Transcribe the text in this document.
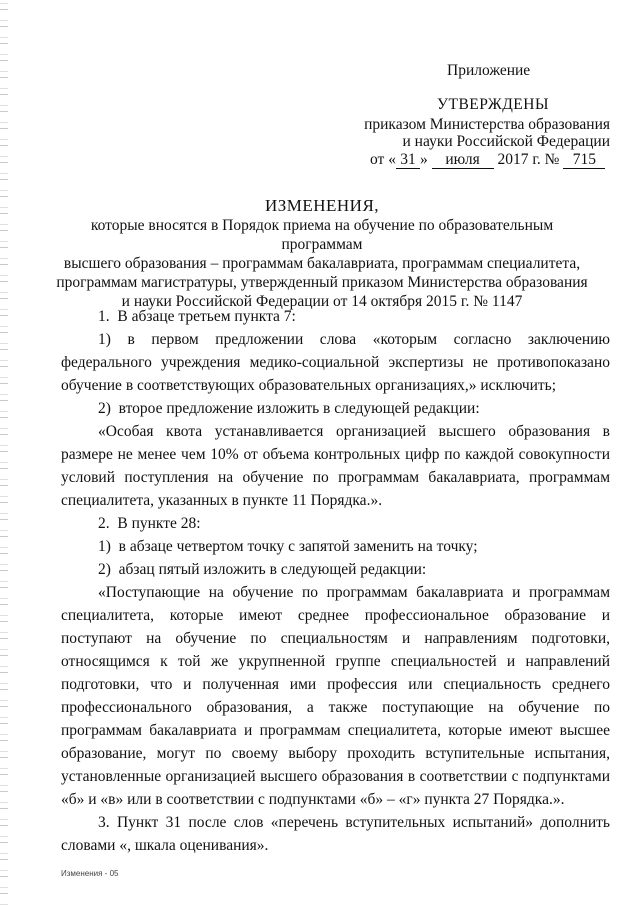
Приложение
УТВЕРЖДЕНЫ
приказом Министерства образования
и науки Российской Федерации
от « 31 » июля 2017 г. № 715
ИЗМЕНЕНИЯ,
которые вносятся в Порядок приема на обучение по образовательным программам
высшего образования – программам бакалавриата, программам специалитета,
программам магистратуры, утвержденный приказом Министерства образования
и науки Российской Федерации от 14 октября 2015 г. № 1147

1.  В абзаце третьем пункта 7:

1) в первом предложении слова «которым согласно заключению федерального учреждения медико-социальной экспертизы не противопоказано обучение в соответствующих образовательных организациях,» исключить;

2)  второе предложение изложить в следующей редакции:

«Особая квота устанавливается организацией высшего образования в размере не менее чем 10% от объема контрольных цифр по каждой совокупности условий поступления на обучение по программам бакалавриата, программам специалитета, указанных в пункте 11 Порядка.».

2.  В пункте 28:

1)  в абзаце четвертом точку с запятой заменить на точку;

2)  абзац пятый изложить в следующей редакции:

«Поступающие на обучение по программам бакалавриата и программам специалитета, которые имеют среднее профессиональное образование и поступают на обучение по специальностям и направлениям подготовки, относящимся к той же укрупненной группе специальностей и направлений подготовки, что и полученная ими профессия или специальность среднего профессионального образования, а также поступающие на обучение по программам бакалавриата и программам специалитета, которые имеют высшее образование, могут по своему выбору проходить вступительные испытания, установленные организацией высшего образования в соответствии с подпунктами «б» и «в» или в соответствии с подпунктами «б» – «г» пункта 27 Порядка.».

3. Пункт 31 после слов «перечень вступительных испытаний» дополнить словами «, шкала оценивания».

Изменения - 05
